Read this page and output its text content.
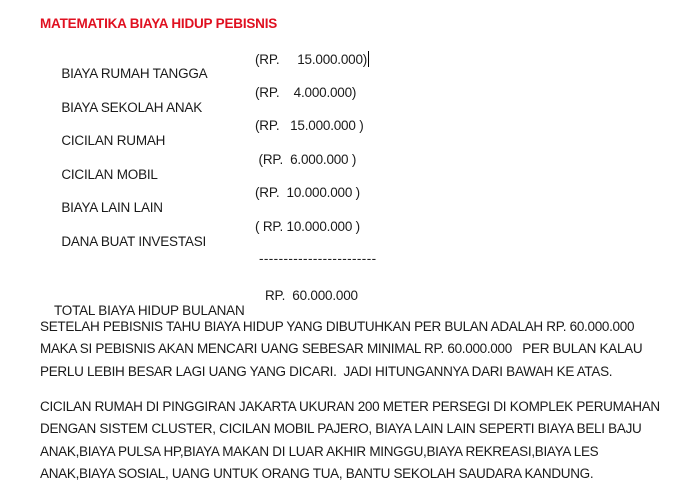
MATEMATIKA BIAYA HIDUP PEBISNIS

BIAYA RUMAH TANGGA

(RP.     15.000.000)

BIAYA SEKOLAH ANAK

(RP.    4.000.000)

CICILAN RUMAH

(RP.   15.000.000 )

CICILAN MOBIL

(RP.  6.000.000 )

BIAYA LAIN LAIN

(RP.  10.000.000 )

DANA BUAT INVESTASI

( RP. 10.000.000 )

------------------------

TOTAL BIAYA HIDUP BULANAN

RP.  60.000.000

SETELAH PEBISNIS TAHU BIAYA HIDUP YANG DIBUTUHKAN PER BULAN ADALAH RP. 60.000.000
MAKA SI PEBISNIS AKAN MENCARI UANG SEBESAR MINIMAL RP. 60.000.000   PER BULAN KALAU
PERLU LEBIH BESAR LAGI UANG YANG DICARI.  JADI HITUNGANNYA DARI BAWAH KE ATAS.
CICILAN RUMAH DI PINGGIRAN JAKARTA UKURAN 200 METER PERSEGI DI KOMPLEK PERUMAHAN
DENGAN SISTEM CLUSTER, CICILAN MOBIL PAJERO, BIAYA LAIN LAIN SEPERTI BIAYA BELI BAJU
ANAK,BIAYA PULSA HP,BIAYA MAKAN DI LUAR AKHIR MINGGU,BIAYA REKREASI,BIAYA LES
ANAK,BIAYA SOSIAL, UANG UNTUK ORANG TUA, BANTU SEKOLAH SAUDARA KANDUNG.
